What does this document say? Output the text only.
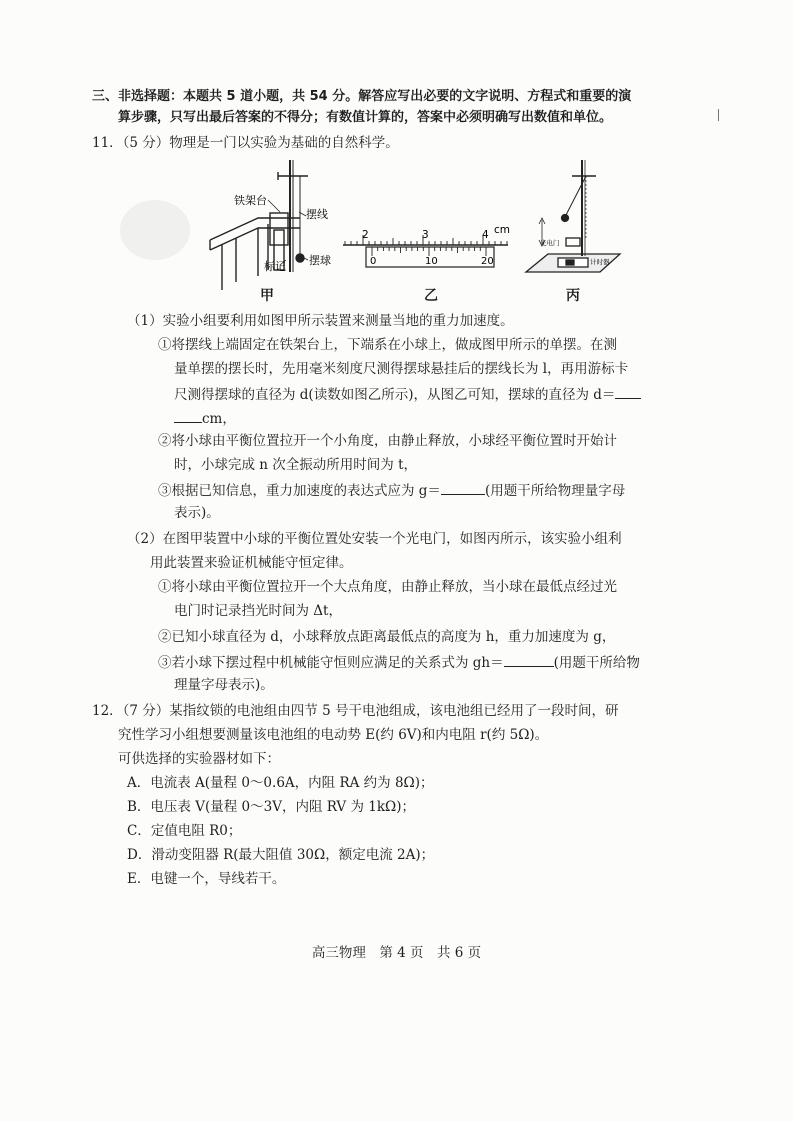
三、非选择题：本题共 5 道小题，共 54 分。解答应写出必要的文字说明、方程式和重要的演
算步骤，只写出最后答案的不得分；有数值计算的，答案中必须明确写出数值和单位。
11．（5 分）物理是一门以实验为基础的自然科学。
铁架台
摆线
标记 摆球
2	3	4 cm
0	10	20
光电门
计时器
甲	乙	丙
（1）实验小组要利用如图甲所示装置来测量当地的重力加速度。
①将摆线上端固定在铁架台上，下端系在小球上，做成图甲所示的单摆。在测
量单摆的摆长时，先用毫米刻度尺测得摆球悬挂后的摆线长为 l，再用游标卡
尺测得摆球的直径为 d(读数如图乙所示)，从图乙可知，摆球的直径为 d＝
cm，
②将小球由平衡位置拉开一个小角度，由静止释放，小球经平衡位置时开始计
时，小球完成 n 次全振动所用时间为 t，
③根据已知信息，重力加速度的表达式应为 g＝	(用题干所给物理量字母
表示)。
（2）在图甲装置中小球的平衡位置处安装一个光电门，如图丙所示，该实验小组利
用此装置来验证机械能守恒定律。
①将小球由平衡位置拉开一个大点角度，由静止释放，当小球在最低点经过光
电门时记录挡光时间为 Δt，
②已知小球直径为 d，小球释放点距离最低点的高度为 h，重力加速度为 g，
③若小球下摆过程中机械能守恒则应满足的关系式为 gh＝	(用题干所给物
理量字母表示)。
12．（7 分）某指纹锁的电池组由四节 5 号干电池组成，该电池组已经用了一段时间，研
究性学习小组想要测量该电池组的电动势 E(约 6V)和内电阻 r(约 5Ω)。
可供选择的实验器材如下：
A．电流表 A(量程 0～0.6A，内阻 RA 约为 8Ω)；
B．电压表 V(量程 0～3V，内阻 RV 为 1kΩ)；
C．定值电阻 R0；
D．滑动变阻器 R(最大阻值 30Ω，额定电流 2A)；
E．电键一个，导线若干。
高三物理　第 4 页　共 6 页
